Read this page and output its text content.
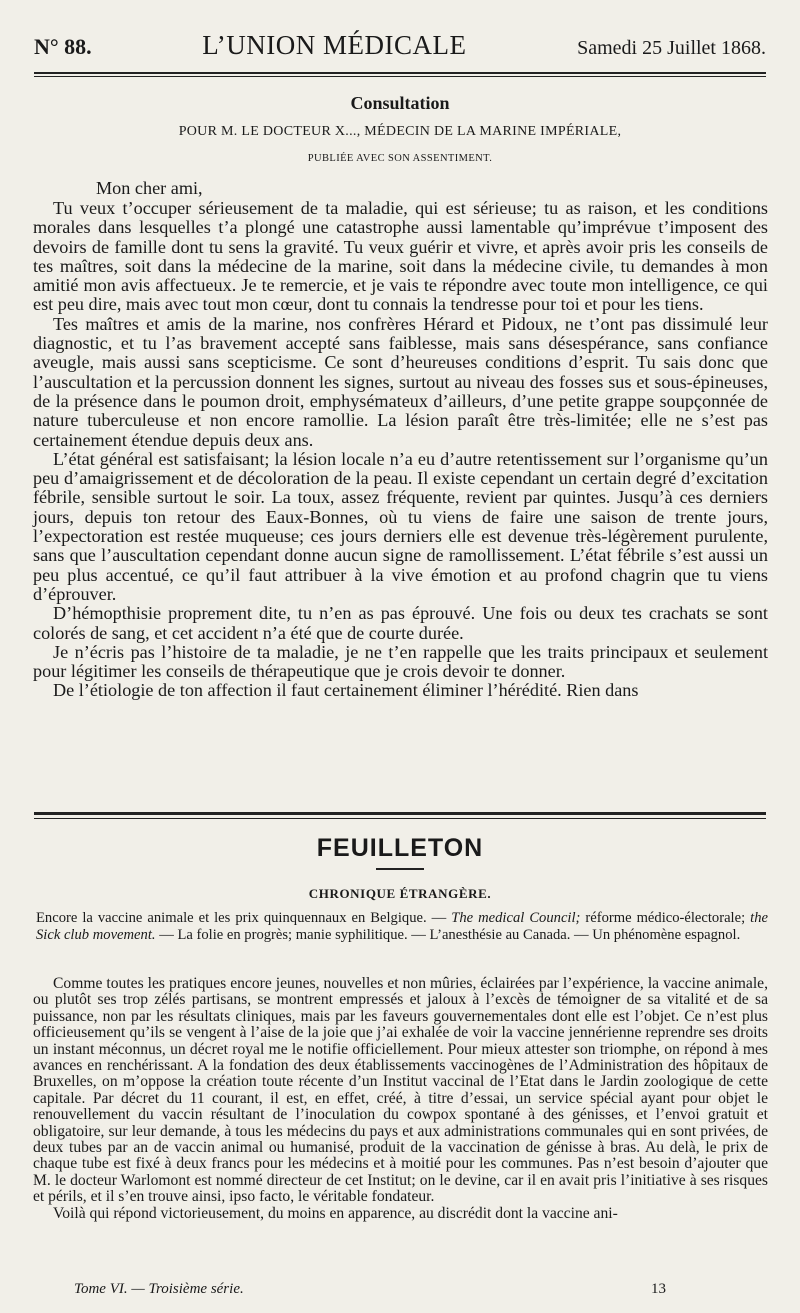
N° 88.	L’UNION MÉDICALE	Samedi 25 Juillet 1868.
Consultation
POUR M. LE DOCTEUR X..., MÉDECIN DE LA MARINE IMPÉRIALE,
PUBLIÉE AVEC SON ASSENTIMENT.
Mon cher ami,

Tu veux t’occuper sérieusement de ta maladie, qui est sérieuse; tu as raison, et les conditions morales dans lesquelles t’a plongé une catastrophe aussi lamentable qu’imprévue t’imposent des devoirs de famille dont tu sens la gravité. Tu veux guérir et vivre, et après avoir pris les conseils de tes maîtres, soit dans la médecine de la marine, soit dans la médecine civile, tu demandes à mon amitié mon avis affectueux. Je te remercie, et je vais te répondre avec toute mon intelligence, ce qui est peu dire, mais avec tout mon cœur, dont tu connais la tendresse pour toi et pour les tiens.

Tes maîtres et amis de la marine, nos confrères Hérard et Pidoux, ne t’ont pas dissimulé leur diagnostic, et tu l’as bravement accepté sans faiblesse, mais sans désespérance, sans confiance aveugle, mais aussi sans scepticisme. Ce sont d’heureuses conditions d’esprit. Tu sais donc que l’auscultation et la percussion donnent les signes, surtout au niveau des fosses sus et sous-épineuses, de la présence dans le poumon droit, emphysémateux d’ailleurs, d’une petite grappe soupçonnée de nature tuberculeuse et non encore ramollie. La lésion paraît être très-limitée; elle ne s’est pas certainement étendue depuis deux ans.

L’état général est satisfaisant; la lésion locale n’a eu d’autre retentissement sur l’organisme qu’un peu d’amaigrissement et de décoloration de la peau. Il existe cependant un certain degré d’excitation fébrile, sensible surtout le soir. La toux, assez fréquente, revient par quintes. Jusqu’à ces derniers jours, depuis ton retour des Eaux-Bonnes, où tu viens de faire une saison de trente jours, l’expectoration est restée muqueuse; ces jours derniers elle est devenue très-légèrement purulente, sans que l’auscultation cependant donne aucun signe de ramollissement. L’état fébrile s’est aussi un peu plus accentué, ce qu’il faut attribuer à la vive émotion et au profond chagrin que tu viens d’éprouver.

D’hémopthisie proprement dite, tu n’en as pas éprouvé. Une fois ou deux tes crachats se sont colorés de sang, et cet accident n’a été que de courte durée.

Je n’écris pas l’histoire de ta maladie, je ne t’en rappelle que les traits principaux et seulement pour légitimer les conseils de thérapeutique que je crois devoir te donner.

De l’étiologie de ton affection il faut certainement éliminer l’hérédité. Rien dans

FEUILLETON
CHRONIQUE ÉTRANGÈRE.
Encore la vaccine animale et les prix quinquennaux en Belgique. — The medical Council; réforme médico-électorale; the Sick club movement. — La folie en progrès; manie syphilitique. — L’anesthésie au Canada. — Un phénomène espagnol.

Comme toutes les pratiques encore jeunes, nouvelles et non mûries, éclairées par l’expérience, la vaccine animale, ou plutôt ses trop zélés partisans, se montrent empressés et jaloux à l’excès de témoigner de sa vitalité et de sa puissance, non par les résultats cliniques, mais par les faveurs gouvernementales dont elle est l’objet. Ce n’est plus officieusement qu’ils se vengent à l’aise de la joie que j’ai exhalée de voir la vaccine jennérienne reprendre ses droits un instant méconnus, un décret royal me le notifie officiellement. Pour mieux attester son triomphe, on répond à mes avances en renchérissant. A la fondation des deux établissements vaccinogènes de l’Administration des hôpitaux de Bruxelles, on m’oppose la création toute récente d’un Institut vaccinal de l’Etat dans le Jardin zoologique de cette capitale. Par décret du 11 courant, il est, en effet, créé, à titre d’essai, un service spécial ayant pour objet le renouvellement du vaccin résultant de l’inoculation du cowpox spontané à des génisses, et l’envoi gratuit et obligatoire, sur leur demande, à tous les médecins du pays et aux administrations communales qui en sont privées, de deux tubes par an de vaccin animal ou humanisé, produit de la vaccination de génisse à bras. Au delà, le prix de chaque tube est fixé à deux francs pour les médecins et à moitié pour les communes. Pas n’est besoin d’ajouter que M. le docteur Warlomont est nommé directeur de cet Institut; on le devine, car il en avait pris l’initiative à ses risques et périls, et il s’en trouve ainsi, ipso facto, le véritable fondateur.

Voilà qui répond victorieusement, du moins en apparence, au discrédit dont la vaccine ani-

Tome VI. — Troisième série.	13
